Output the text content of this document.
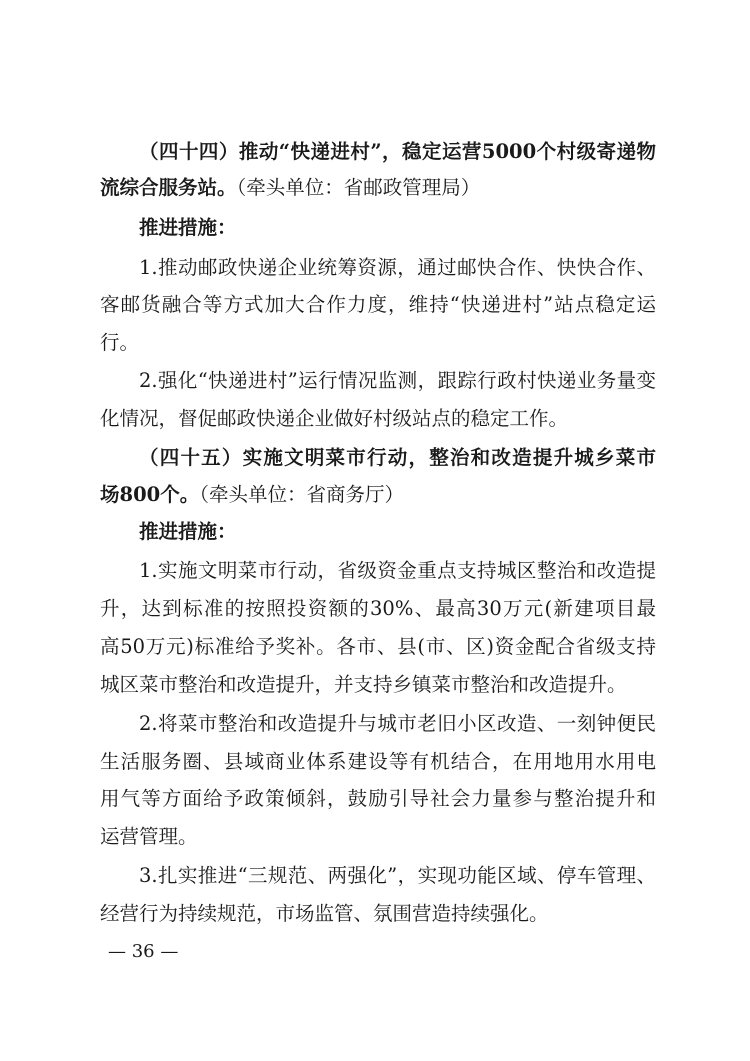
（四十四）推动“快递进村”，稳定运营5000个村级寄递物
流综合服务站。（牵头单位：省邮政管理局）
推进措施：
1.推动邮政快递企业统筹资源，通过邮快合作、快快合作、
客邮货融合等方式加大合作力度，维持“快递进村”站点稳定运
行。
2.强化“快递进村”运行情况监测，跟踪行政村快递业务量变
化情况，督促邮政快递企业做好村级站点的稳定工作。
（四十五）实施文明菜市行动，整治和改造提升城乡菜市
场800个。（牵头单位：省商务厅）
推进措施：
1.实施文明菜市行动，省级资金重点支持城区整治和改造提
升，达到标准的按照投资额的30%、最高30万元(新建项目最
高50万元)标准给予奖补。各市、县(市、区)资金配合省级支持
城区菜市整治和改造提升，并支持乡镇菜市整治和改造提升。
2.将菜市整治和改造提升与城市老旧小区改造、一刻钟便民
生活服务圈、县域商业体系建设等有机结合，在用地用水用电
用气等方面给予政策倾斜，鼓励引导社会力量参与整治提升和
运营管理。
3.扎实推进“三规范、两强化”，实现功能区域、停车管理、
经营行为持续规范，市场监管、氛围营造持续强化。
— 36 —
